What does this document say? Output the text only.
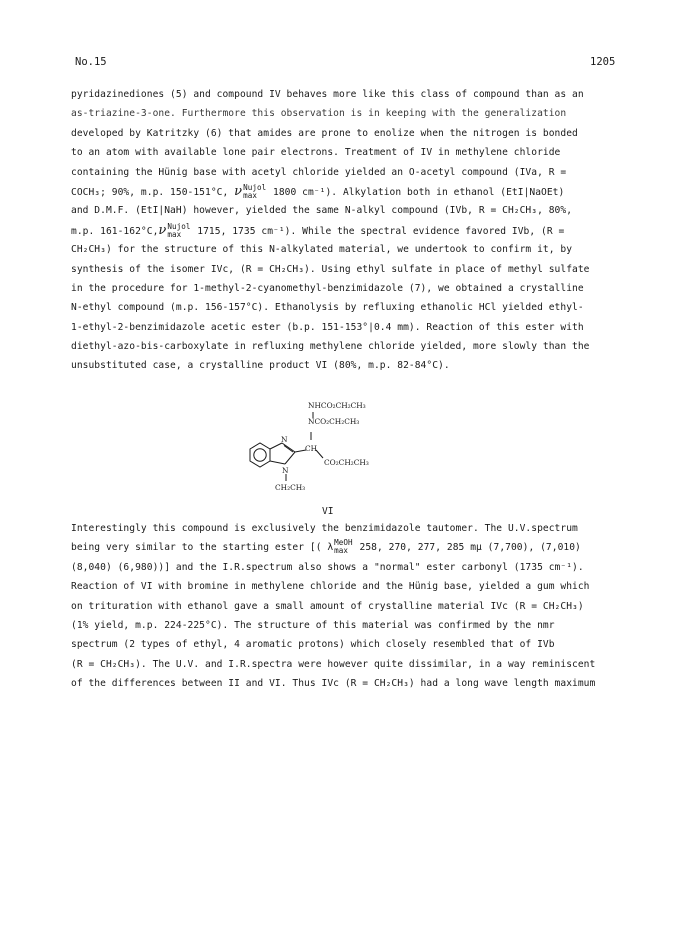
No.15	1205
pyridazinediones (5) and compound IV behaves more like this class of compound than as an
as-triazine-3-one. Furthermore this observation is in keeping with the generalization
developed by Katritzky (6) that amides are prone to enolize when the nitrogen is bonded
to an atom with available lone pair electrons. Treatment of IV in methylene chloride
containing the Hünig base with acetyl chloride yielded an O-acetyl compound (IVa, R =
COCH₃; 90%, m.p. 150-151°C, ν Nujol
max	1800 cm⁻¹). Alkylation both in ethanol (EtI|NaOEt)
and D.M.F. (EtI|NaH) however, yielded the same N-alkyl compound (IVb, R = CH₂CH₃, 80%,
m.p. 161-162°C,ν Nujol
max	1715, 1735 cm⁻¹). While the spectral evidence favored IVb, (R =
CH₂CH₃) for the structure of this N-alkylated material, we undertook to confirm it, by
synthesis of the isomer IVc, (R = CH₂CH₃). Using ethyl sulfate in place of methyl sulfate
in the procedure for 1-methyl-2-cyanomethyl-benzimidazole (7), we obtained a crystalline
N-ethyl compound (m.p. 156-157°C). Ethanolysis by refluxing ethanolic HCl yielded ethyl-
1-ethyl-2-benzimidazole acetic ester (b.p. 151-153°|0.4 mm). Reaction of this ester with
diethyl-azo-bis-carboxylate in refluxing methylene chloride yielded, more slowly than the
unsubstituted case, a crystalline product VI (80%, m.p. 82-84°C).
NHCO₂CH₂CH₃
NCO₂CH₂CH₃
CH
CO₂CH₂CH₃
N
N
CH₂CH₃
VI
Interestingly this compound is exclusively the benzimidazole tautomer. The U.V.spectrum
being very similar to the starting ester [( λ MeOH
max 258, 270, 277, 285 mμ (7,700), (7,010)
(8,040) (6,980))] and the I.R.spectrum also shows a "normal" ester carbonyl (1735 cm⁻¹).
Reaction of VI with bromine in methylene chloride and the Hünig base, yielded a gum which
on trituration with ethanol gave a small amount of crystalline material IVc (R = CH₂CH₃)
(1% yield, m.p. 224-225°C). The structure of this material was confirmed by the nmr
spectrum (2 types of ethyl, 4 aromatic protons) which closely resembled that of IVb
(R = CH₂CH₃). The U.V. and I.R.spectra were however quite dissimilar, in a way reminiscent
of the differences between II and VI. Thus IVc (R = CH₂CH₃) had a long wave length maximum
